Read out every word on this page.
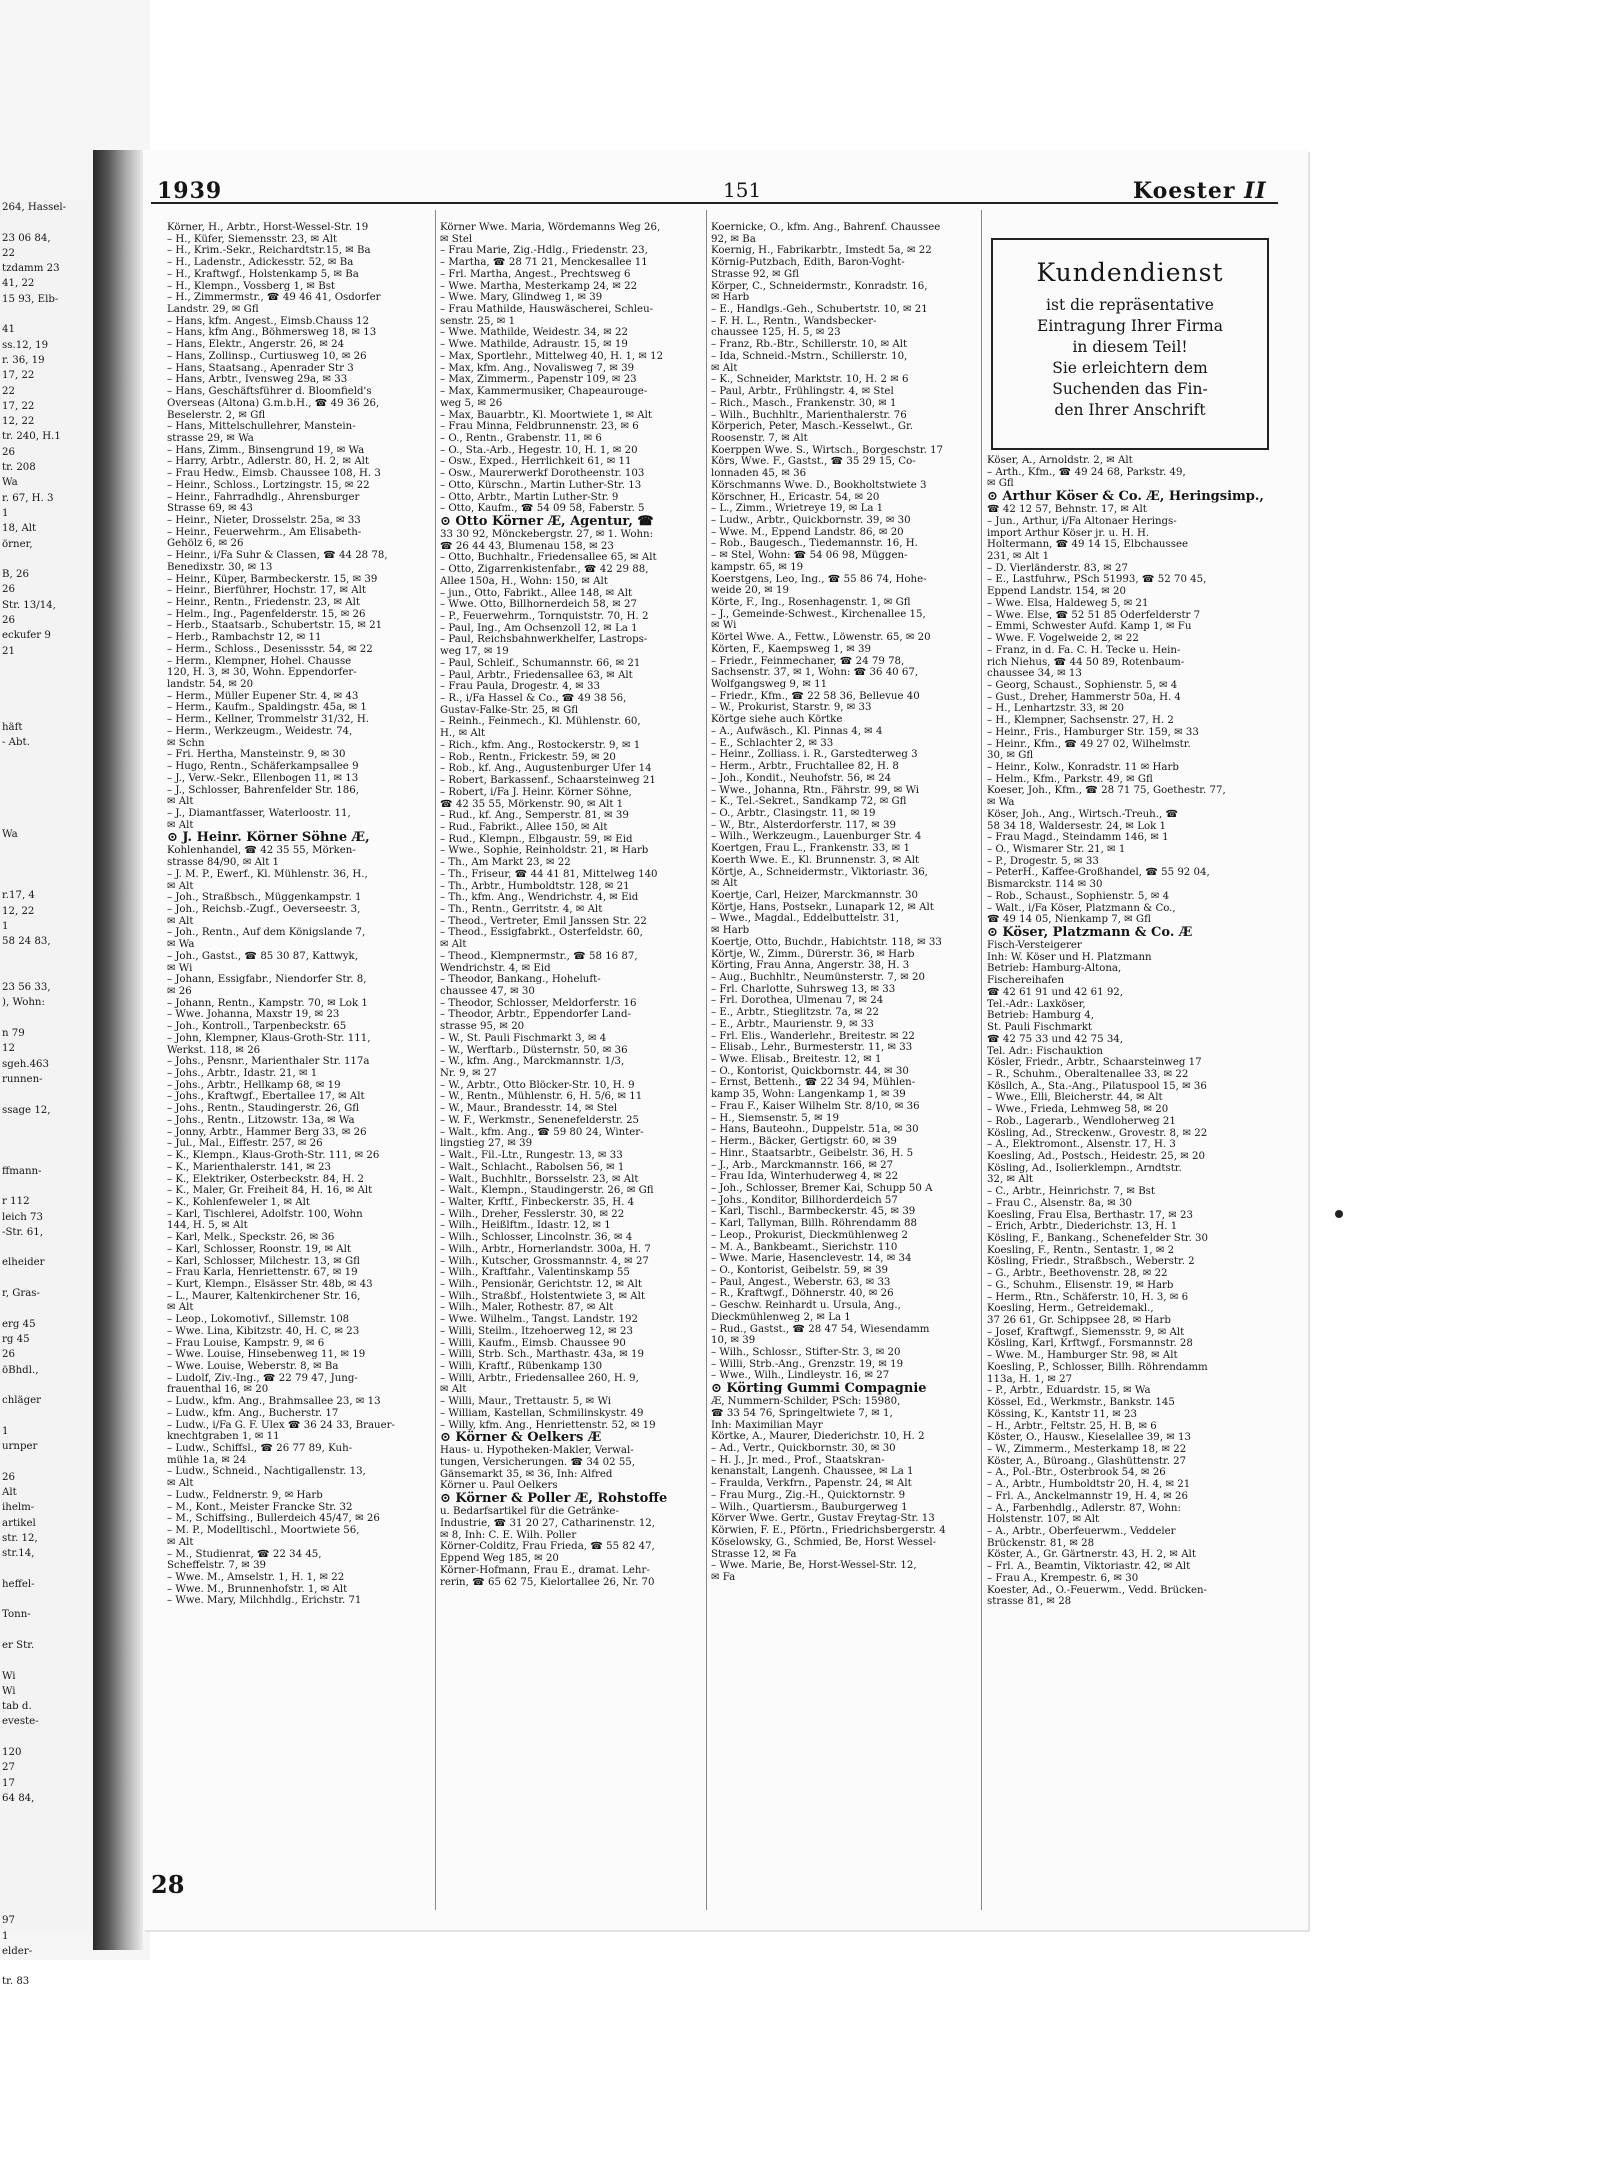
264, Hassel-

23 06 84,
22
tzdamm 23
41, 22
15 93, Elb-

41
ss.12, 19
r. 36, 19
17, 22
22
17, 22
12, 22
tr. 240, H.1
26
tr. 208
Wa
r. 67, H. 3
1
18, Alt
örner,

B, 26
26
Str. 13/14,
26
eckufer 9
21

häft
- Abt.

Wa

r.17, 4
12, 22
1
58 24 83,

23 56 33,
), Wohn:

n 79
12
sgeh.463
runnen-

ssage 12,

ffmann-

r 112
leich 73
-Str. 61,

elheider

r, Gras-

erg 45
rg 45
26
öBhdl.,

chläger

1
urnper

26
Alt
ihelm-
artikel
str. 12,
str.14,

heffel-

Tonn-

er Str.

Wi
Wi
tab d.
eveste-

120
27
17
64 84,

97
1
elder-

tr. 83
1939	151	Koester II
Körner, H., Arbtr., Horst-Wessel-Str. 19
– H., Küfer, Siemensstr. 23, ✉ Alt
– H., Krim.-Sekr., Reichardtstr.15, ✉ Ba
– H., Ladenstr., Adickesstr. 52, ✉ Ba
– H., Kraftwgf., Holstenkamp 5, ✉ Ba
– H., Klempn., Vossberg 1, ✉ Bst
– H., Zimmermstr., ☎ 49 46 41, Osdorfer
Landstr. 29, ✉ Gfl
– Hans, kfm. Angest., Eimsb.Chauss 12
– Hans, kfm Ang., Böhmersweg 18, ✉ 13
– Hans, Elektr., Angerstr. 26, ✉ 24
– Hans, Zollinsp., Curtiusweg 10, ✉ 26
– Hans, Staatsang., Apenrader Str 3
– Hans, Arbtr., Ivensweg 29a, ✉ 33
– Hans, Geschäftsführer d. Bloomfield's
Overseas (Altona) G.m.b.H., ☎ 49 36 26,
Beselerstr. 2, ✉ Gfl
– Hans, Mittelschullehrer, Manstein-
strasse 29, ✉ Wa
– Hans, Zimm., Binsengrund 19, ✉ Wa
– Harry, Arbtr., Adlerstr. 80, H. 2, ✉ Alt
– Frau Hedw., Eimsb. Chaussee 108, H. 3
– Heinr., Schloss., Lortzingstr. 15, ✉ 22
– Heinr., Fahrradhdlg., Ahrensburger
Strasse 69, ✉ 43
– Heinr., Nieter, Drosselstr. 25a, ✉ 33
– Heinr., Feuerwehrm., Am Elisabeth-
Gehölz 6, ✉ 26
– Heinr., i/Fa Suhr & Classen, ☎ 44 28 78,
Benedixstr. 30, ✉ 13
– Heinr., Küper, Barmbeckerstr. 15, ✉ 39
– Heinr., Bierführer, Hochstr. 17, ✉ Alt
– Heinr., Rentn., Friedenstr. 23, ✉ Alt
– Helm., Ing., Pagenfelderstr. 15, ✉ 26
– Herb., Staatsarb., Schubertstr. 15, ✉ 21
– Herb., Rambachstr 12, ✉ 11
– Herm., Schloss., Desenissstr. 54, ✉ 22
– Herm., Klempner, Hohel. Chausse
120, H. 3, ✉ 30, Wohn. Eppendorfer-
landstr. 54, ✉ 20
– Herm., Müller Eupener Str. 4, ✉ 43
– Herm., Kaufm., Spaldingstr. 45a, ✉ 1
– Herm., Kellner, Trommelstr 31/32, H.
– Herm., Werkzeugm., Weidestr. 74,
✉ Schn
– Fri. Hertha, Mansteinstr. 9, ✉ 30
– Hugo, Rentn., Schäferkampsallee 9
– J., Verw.-Sekr., Ellenbogen 11, ✉ 13
– J., Schlosser, Bahrenfelder Str. 186,
✉ Alt
– J., Diamantfasser, Waterloostr. 11,
✉ Alt
⊙ J. Heinr. Körner Söhne Æ,
Kohlenhandel, ☎ 42 35 55, Mörken-
strasse 84/90, ✉ Alt 1
– J. M. P., Ewerf., Kl. Mühlenstr. 36, H.,
✉ Alt
– Joh., Straßbsch., Müggenkampstr. 1
– Joh., Reichsb.-Zugf., Oeverseestr. 3,
✉ Alt
– Joh., Rentn., Auf dem Königslande 7,
✉ Wa
– Joh., Gastst., ☎ 85 30 87, Kattwyk,
✉ Wi
– Johann, Essigfabr., Niendorfer Str. 8,
✉ 26
– Johann, Rentn., Kampstr. 70, ✉ Lok 1
– Wwe. Johanna, Maxstr 19, ✉ 23
– Joh., Kontroll., Tarpenbeckstr. 65
– John, Klempner, Klaus-Groth-Str. 111,
Werkst. 118, ✉ 26
– Johs., Pensnr., Marienthaler Str. 117a
– Johs., Arbtr., Idastr. 21, ✉ 1
– Johs., Arbtr., Hellkamp 68, ✉ 19
– Johs., Kraftwgf., Ebertallee 17, ✉ Alt
– Johs., Rentn., Staudingerstr. 26, Gfl
– Johs., Rentn., Litzowstr. 13a, ✉ Wa
– Jonny, Arbtr., Hammer Berg 33, ✉ 26
– Jul., Mal., Eiffestr. 257, ✉ 26
– K., Klempn., Klaus-Groth-Str. 111, ✉ 26
– K., Marienthalerstr. 141, ✉ 23
– K., Elektriker, Osterbeckstr. 84, H. 2
– K., Maler, Gr. Freiheit 84, H. 16, ✉ Alt
– K., Kohlenfeweler 1, ✉ Alt
– Karl, Tischlerei, Adolfstr. 100, Wohn
144, H. 5, ✉ Alt
– Karl, Melk., Speckstr. 26, ✉ 36
– Karl, Schlosser, Roonstr. 19, ✉ Alt
– Karl, Schlosser, Milchestr. 13, ✉ Gfl
– Frau Karla, Henriettenstr. 67, ✉ 19
– Kurt, Klempn., Elsässer Str. 48b, ✉ 43
– L., Maurer, Kaltenkirchener Str. 16,
✉ Alt
– Leop., Lokomotivf., Sillemstr. 108
– Wwe. Lina, Kibitzstr. 40, H. C, ✉ 23
– Frau Louise, Kampstr. 9, ✉ 6
– Wwe. Louise, Hinsebenweg 11, ✉ 19
– Wwe. Louise, Weberstr. 8, ✉ Ba
– Ludolf, Ziv.-Ing., ☎ 22 79 47, Jung-
frauenthal 16, ✉ 20
– Ludw., kfm. Ang., Brahmsallee 23, ✉ 13
– Ludw., kfm. Ang., Bucherstr. 17
– Ludw., i/Fa G. F. Ulex ☎ 36 24 33, Brauer-
knechtgraben 1, ✉ 11
– Ludw., Schiffsl., ☎ 26 77 89, Kuh-
mühle 1a, ✉ 24
– Ludw., Schneid., Nachtigallenstr. 13,
✉ Alt
– Ludw., Feldnerstr. 9, ✉ Harb
– M., Kont., Meister Francke Str. 32
– M., Schiffsing., Bullerdeich 45/47, ✉ 26
– M. P., Modelltischl., Moortwiete 56,
✉ Alt
– M., Studienrat, ☎ 22 34 45,
Scheffelstr. 7, ✉ 39
– Wwe. M., Amselstr. 1, H. 1, ✉ 22
– Wwe. M., Brunnenhofstr. 1, ✉ Alt
– Wwe. Mary, Milchhdlg., Erichstr. 71
Körner Wwe. Maria, Wördemanns Weg 26,
✉ Stel
– Frau Marie, Zig.-Hdlg., Friedenstr. 23,
– Martha, ☎ 28 71 21, Menckesallee 11
– Frl. Martha, Angest., Prechtsweg 6
– Wwe. Martha, Mesterkamp 24, ✉ 22
– Wwe. Mary, Glindweg 1, ✉ 39
– Frau Mathilde, Hauswäscherei, Schleu-
senstr. 25, ✉ 1
– Wwe. Mathilde, Weidestr. 34, ✉ 22
– Wwe. Mathilde, Adraustr. 15, ✉ 19
– Max, Sportlehr., Mittelweg 40, H. 1, ✉ 12
– Max, kfm. Ang., Novalisweg 7, ✉ 39
– Max, Zimmerm., Papenstr 109, ✉ 23
– Max, Kammermusiker, Chapeaurouge-
weg 5, ✉ 26
– Max, Bauarbtr., Kl. Moortwiete 1, ✉ Alt
– Frau Minna, Feldbrunnenstr. 23, ✉ 6
– O., Rentn., Grabenstr. 11, ✉ 6
– O., Sta.-Arb., Hegestr. 10, H. 1, ✉ 20
– Osw., Exped., Herrlichkeit 61, ✉ 11
– Osw., Maurerwerkf Dorotheenstr. 103
– Otto, Kürschn., Martin Luther-Str. 13
– Otto, Arbtr., Martin Luther-Str. 9
– Otto, Kaufm., ☎ 54 09 58, Faberstr. 5
⊙ Otto Körner Æ, Agentur, ☎
33 30 92, Mönckebergstr. 27, ✉ 1. Wohn:
☎ 26 44 43, Blumenau 158, ✉ 23
– Otto, Buchhaltr., Friedensallee 65, ✉ Alt
– Otto, Zigarrenkistenfabr., ☎ 42 29 88,
Allee 150a, H., Wohn: 150, ✉ Alt
– jun., Otto, Fabrikt., Allee 148, ✉ Alt
– Wwe. Otto, Billhornerdeich 58, ✉ 27
– P., Feuerwehrm., Tornquiststr. 70, H. 2
– Paul, Ing., Am Ochsenzoll 12, ✉ La 1
– Paul, Reichsbahnwerkhelfer, Lastrops-
weg 17, ✉ 19
– Paul, Schleif., Schumannstr. 66, ✉ 21
– Paul, Arbtr., Friedensallee 63, ✉ Alt
– Frau Paula, Drogestr. 4, ✉ 33
– R., i/Fa Hassel & Co., ☎ 49 38 56,
Gustav-Falke-Str. 25, ✉ Gfl
– Reinh., Feinmech., Kl. Mühlenstr. 60,
H., ✉ Alt
– Rich., kfm. Ang., Rostockerstr. 9, ✉ 1
– Rob., Rentn., Frickestr. 59, ✉ 20
– Rob., kf. Ang., Augustenburger Ufer 14
– Robert, Barkassenf., Schaarsteinweg 21
– Robert, i/Fa J. Heinr. Körner Söhne,
☎ 42 35 55, Mörkenstr. 90, ✉ Alt 1
– Rud., kf. Ang., Semperstr. 81, ✉ 39
– Rud., Fabrikt., Allee 150, ✉ Alt
– Rud., Klempn., Elbgaustr. 59, ✉ Eid
– Wwe., Sophie, Reinholdstr. 21, ✉ Harb
– Th., Am Markt 23, ✉ 22
– Th., Friseur, ☎ 44 41 81, Mittelweg 140
– Th., Arbtr., Humboldtstr. 128, ✉ 21
– Th., kfm. Ang., Wendrichstr. 4, ✉ Eid
– Th., Rentn., Gerritstr. 4, ✉ Alt
– Theod., Vertreter, Emil Janssen Str. 22
– Theod., Essigfabrkt., Osterfeldstr. 60,
✉ Alt
– Theod., Klempnermstr., ☎ 58 16 87,
Wendrichstr. 4, ✉ Eid
– Theodor, Bankang., Hoheluft-
chaussee 47, ✉ 30
– Theodor, Schlosser, Meldorferstr. 16
– Theodor, Arbtr., Eppendorfer Land-
strasse 95, ✉ 20
– W., St. Pauli Fischmarkt 3, ✉ 4
– W., Werftarb., Düsternstr. 50, ✉ 36
– W., kfm. Ang., Marckmannstr. 1/3,
Nr. 9, ✉ 27
– W., Arbtr., Otto Blöcker-Str. 10, H. 9
– W., Rentn., Mühlenstr. 6, H. 5/6, ✉ 11
– W., Maur., Brandesstr. 14, ✉ Stel
– W. F., Werkmstr., Senenefelderstr. 25
– Walt., kfm. Ang., ☎ 59 80 24, Winter-
lingstieg 27, ✉ 39
– Walt., Fil.-Ltr., Rungestr. 13, ✉ 33
– Walt., Schlacht., Rabolsen 56, ✉ 1
– Walt., Buchhltr., Borsselstr. 23, ✉ Alt
– Walt., Klempn., Staudingerstr. 26, ✉ Gfl
– Walter, Krftf., Finbeckerstr. 35, H. 4
– Wilh., Dreher, Fesslerstr. 30, ✉ 22
– Wilh., Heißlftm., Idastr. 12, ✉ 1
– Wilh., Schlosser, Lincolnstr. 36, ✉ 4
– Wilh., Arbtr., Hornerlandstr. 300a, H. 7
– Wilh., Kutscher, Grossmannstr. 4, ✉ 27
– Wilh., Kraftfahr., Valentinskamp 55
– Wilh., Pensionär, Gerichtstr. 12, ✉ Alt
– Wilh., Straßbf., Holstentwiete 3, ✉ Alt
– Wilh., Maler, Rothestr. 87, ✉ Alt
– Wwe. Wilhelm., Tangst. Landstr. 192
– Willi, Steilm., Itzehoerweg 12, ✉ 23
– Willi, Kaufm., Eimsb. Chaussee 90
– Willi, Strb. Sch., Marthastr. 43a, ✉ 19
– Willi, Kraftf., Rübenkamp 130
– Willi, Arbtr., Friedensallee 260, H. 9,
✉ Alt
– Willi, Maur., Trettaustr. 5, ✉ Wi
– William, Kastellan, Schmilinskystr. 49
– Willy, kfm. Ang., Henriettenstr. 52, ✉ 19
⊙ Körner & Oelkers Æ
Haus- u. Hypotheken-Makler, Verwal-
tungen, Versicherungen. ☎ 34 02 55,
Gänsemarkt 35, ✉ 36, Inh: Alfred
Körner u. Paul Oelkers
⊙ Körner & Poller Æ, Rohstoffe
u. Bedarfsartikel für die Getränke-
Industrie, ☎ 31 20 27, Catharinenstr. 12,
✉ 8, Inh: C. E. Wilh. Poller
Körner-Colditz, Frau Frieda, ☎ 55 82 47,
Eppend Weg 185, ✉ 20
Körner-Hofmann, Frau E., dramat. Lehr-
rerin, ☎ 65 62 75, Kielortallee 26, Nr. 70
Koernicke, O., kfm. Ang., Bahrenf. Chaussee
92, ✉ Ba
Koernig, H., Fabrikarbtr., Imstedt 5a, ✉ 22
Körnig-Putzbach, Edith, Baron-Voght-
Strasse 92, ✉ Gfl
Körper, C., Schneidermstr., Konradstr. 16,
✉ Harb
– E., Handlgs.-Geh., Schubertstr. 10, ✉ 21
– F. H. L., Rentn., Wandsbecker-
chaussee 125, H. 5, ✉ 23
– Franz, Rb.-Btr., Schillerstr. 10, ✉ Alt
– Ida, Schneid.-Mstrn., Schillerstr. 10,
✉ Alt
– K., Schneider, Marktstr. 10, H. 2 ✉ 6
– Paul, Arbtr., Frühlingstr. 4, ✉ Stel
– Rich., Masch., Frankenstr. 30, ✉ 1
– Wilh., Buchhltr., Marienthalerstr. 76
Körperich, Peter, Masch.-Kesselwt., Gr.
Roosenstr. 7, ✉ Alt
Koerppen Wwe. S., Wirtsch., Borgeschstr. 17
Körs, Wwe. F., Gastst., ☎ 35 29 15, Co-
lonnaden 45, ✉ 36
Körschmanns Wwe. D., Bookholtstwiete 3
Körschner, H., Ericastr. 54, ✉ 20
– L., Zimm., Wrietreye 19, ✉ La 1
– Ludw., Arbtr., Quickbornstr. 39, ✉ 30
– Wwe. M., Eppend Landstr. 86, ✉ 20
– Rob., Baugesch., Tiedemannstr. 16, H.
– ✉ Stel, Wohn: ☎ 54 06 98, Müggen-
kampstr. 65, ✉ 19
Koerstgens, Leo, Ing., ☎ 55 86 74, Hohe-
weide 20, ✉ 19
Körte, F., Ing., Rosenhagenstr. 1, ✉ Gfl
– J., Gemeinde-Schwest., Kirchenallee 15,
✉ Wi
Körtel Wwe. A., Fettw., Löwenstr. 65, ✉ 20
Körten, F., Kaempsweg 1, ✉ 39
– Friedr., Feinmechaner, ☎ 24 79 78,
Sachsenstr. 37, ✉ 1, Wohn: ☎ 36 40 67,
Wolfgangsweg 9, ✉ 11
– Friedr., Kfm., ☎ 22 58 36, Bellevue 40
– W., Prokurist, Starstr. 9, ✉ 33
Körtge siehe auch Körtke
– A., Aufwäsch., Kl. Pinnas 4, ✉ 4
– E., Schlachter 2, ✉ 33
– Heinr., Zolliass. i. R., Garstedterweg 3
– Herm., Arbtr., Fruchtallee 82, H. 8
– Joh., Kondit., Neuhofstr. 56, ✉ 24
– Wwe., Johanna, Rtn., Fährstr. 99, ✉ Wi
– K., Tel.-Sekret., Sandkamp 72, ✉ Gfl
– O., Arbtr., Clasingstr. 11, ✉ 19
– W., Btr., Alsterdorferstr. 117, ✉ 39
– Wilh., Werkzeugm., Lauenburger Str. 4
Koertgen, Frau L., Frankenstr. 33, ✉ 1
Koerth Wwe. E., Kl. Brunnenstr. 3, ✉ Alt
Körtje, A., Schneidermstr., Viktoriastr. 36,
✉ Alt
Koertje, Carl, Heizer, Marckmannstr. 30
Körtje, Hans, Postsekr., Lunapark 12, ✉ Alt
– Wwe., Magdal., Eddelbuttelstr. 31,
✉ Harb
Koertje, Otto, Buchdr., Habichtstr. 118, ✉ 33
Körtje, W., Zimm., Dürerstr. 36, ✉ Harb
Körting, Frau Anna, Angerstr. 38, H. 3
– Aug., Buchhltr., Neumünsterstr. 7, ✉ 20
– Frl. Charlotte, Suhrsweg 13, ✉ 33
– Frl. Dorothea, Ulmenau 7, ✉ 24
– E., Arbtr., Stieglitzstr. 7a, ✉ 22
– E., Arbtr., Maurienstr. 9, ✉ 33
– Frl. Elis., Wanderlehr., Breitestr. ✉ 22
– Elisab., Lehr., Burmesterstr. 11, ✉ 33
– Wwe. Elisab., Breitestr. 12, ✉ 1
– O., Kontorist, Quickbornstr. 44, ✉ 30
– Ernst, Bettenh., ☎ 22 34 94, Mühlen-
kamp 35, Wohn: Langenkamp 1, ✉ 39
– Frau F., Kaiser Wilhelm Str. 8/10, ✉ 36
– H., Siemsenstr. 5, ✉ 19
– Hans, Bauteohn., Duppelstr. 51a, ✉ 30
– Herm., Bäcker, Gertigstr. 60, ✉ 39
– Hinr., Staatsarbtr., Geibelstr. 36, H. 5
– J., Arb., Marckmannstr. 166, ✉ 27
– Frau Ida, Winterhuderweg 4, ✉ 22
– Joh., Schlosser, Bremer Kai, Schupp 50 A
– Johs., Konditor, Billhorderdeich 57
– Karl, Tischl., Barmbeckerstr. 45, ✉ 39
– Karl, Tallyman, Billh. Röhrendamm 88
– Leop., Prokurist, Dieckmühlenweg 2
– M. A., Bankbeamt., Sierichstr. 110
– Wwe. Marie, Hasenclevestr. 14, ✉ 34
– O., Kontorist, Geibelstr. 59, ✉ 39
– Paul, Angest., Weberstr. 63, ✉ 33
– R., Kraftwgf., Döhnerstr. 40, ✉ 26
– Geschw. Reinhardt u. Ursula, Ang.,
Dieckmühlenweg 2, ✉ La 1
– Rud., Gastst., ☎ 28 47 54, Wiesendamm
10, ✉ 39
– Wilh., Schlossr., Stifter-Str. 3, ✉ 20
– Willi, Strb.-Ang., Grenzstr. 19, ✉ 19
– Wwe., Wilh., Lindleystr. 16, ✉ 27
⊙ Körting Gummi Compagnie
Æ, Nummern-Schilder, PSch: 15980,
☎ 33 54 76, Springeltwiete 7, ✉ 1,
Inh: Maximilian Mayr
Körtke, A., Maurer, Diederichstr. 10, H. 2
– Ad., Vertr., Quickbornstr. 30, ✉ 30
– H. J., Jr. med., Prof., Staatskran-
kenanstalt, Langenh. Chaussee, ✉ La 1
– Fraulda, Verkfrn., Papenstr. 24, ✉ Alt
– Frau Murg., Zig.-H., Quicktornstr. 9
– Wilh., Quartiersm., Bauburgerweg 1
Körver Wwe. Gertr., Gustav Freytag-Str. 13
Körwien, F. E., Pförtn., Friedrichsbergerstr. 4
Köselowsky, G., Schmied, Be, Horst Wessel-
Strasse 12, ✉ Fa
– Wwe. Marie, Be, Horst-Wessel-Str. 12,
✉ Fa
Kundendienst
ist die repräsentative
Eintragung Ihrer Firma
in diesem Teil!
Sie erleichtern dem
Suchenden das Fin-
den Ihrer Anschrift
Köser, A., Arnoldstr. 2, ✉ Alt
– Arth., Kfm., ☎ 49 24 68, Parkstr. 49,
✉ Gfl
⊙ Arthur Köser & Co. Æ, Heringsimp.,
☎ 42 12 57, Behnstr. 17, ✉ Alt
– Jun., Arthur, i/Fa Altonaer Herings-
import Arthur Köser jr. u. H. H.
Holtermann, ☎ 49 14 15, Elbchaussee
231, ✉ Alt 1
– D. Vierländerstr. 83, ✉ 27
– E., Lastfuhrw., PSch 51993, ☎ 52 70 45,
Eppend Landstr. 154, ✉ 20
– Wwe. Elsa, Haldeweg 5, ✉ 21
– Wwe. Else, ☎ 52 51 85 Oderfelderstr 7
– Emmi, Schwester Aufd. Kamp 1, ✉ Fu
– Wwe. F. Vogelweide 2, ✉ 22
– Franz, in d. Fa. C. H. Tecke u. Hein-
rich Niehus, ☎ 44 50 89, Rotenbaum-
chaussee 34, ✉ 13
– Georg, Schaust., Sophienstr. 5, ✉ 4
– Gust., Dreher, Hammerstr 50a, H. 4
– H., Lenhartzstr. 33, ✉ 20
– H., Klempner, Sachsenstr. 27, H. 2
– Heinr., Fris., Hamburger Str. 159, ✉ 33
– Heinr., Kfm., ☎ 49 27 02, Wilhelmstr.
30, ✉ Gfl
– Heinr., Kolw., Konradstr. 11 ✉ Harb
– Helm., Kfm., Parkstr. 49, ✉ Gfl
Koeser, Joh., Kfm., ☎ 28 71 75, Goethestr. 77,
✉ Wa
Köser, Joh., Ang., Wirtsch.-Treuh., ☎
58 34 18, Waldersestr. 24, ✉ Lok 1
– Frau Magd., Steindamm 146, ✉ 1
– O., Wismarer Str. 21, ✉ 1
– P., Drogestr. 5, ✉ 33
– PeterH., Kaffee-Großhandel, ☎ 55 92 04,
Bismarckstr. 114 ✉ 30
– Rob., Schaust., Sophienstr. 5, ✉ 4
– Walt., i/Fa Köser, Platzmann & Co.,
☎ 49 14 05, Nienkamp 7, ✉ Gfl
⊙ Köser, Platzmann & Co. Æ
Fisch-Versteigerer
Inh: W. Köser und H. Platzmann
Betrieb: Hamburg-Altona,
Fischereihafen
☎ 42 61 91 und 42 61 92,
Tel.-Adr.: Laxköser,
Betrieb: Hamburg 4,
St. Pauli Fischmarkt
☎ 42 75 33 und 42 75 34,
Tel. Adr.: Fischauktion
Kösler, Friedr., Arbtr., Schaarsteinweg 17
– R., Schuhm., Oberaltenallee 33, ✉ 22
Kösllch, A., Sta.-Ang., Pilatuspool 15, ✉ 36
– Wwe., Elli, Bleicherstr. 44, ✉ Alt
– Wwe., Frieda, Lehmweg 58, ✉ 20
– Rob., Lagerarb., Wendloherweg 21
Kösling, Ad., Streckenw., Grovestr. 8, ✉ 22
– A., Elektromont., Alsenstr. 17, H. 3
Koesling, Ad., Postsch., Heidestr. 25, ✉ 20
Kösling, Ad., Isolierklempn., Arndtstr.
32, ✉ Alt
– C., Arbtr., Heinrichstr. 7, ✉ Bst
– Frau C., Alsenstr. 8a, ✉ 30
Koesling, Frau Elsa, Berthastr. 17, ✉ 23
– Erich, Arbtr., Diederichstr. 13, H. 1
Kösling, F., Bankang., Schenefelder Str. 30
Koesling, F., Rentn., Sentastr. 1, ✉ 2
Kösling, Friedr., Straßbsch., Weberstr. 2
– G., Arbtr., Beethovenstr. 28, ✉ 22
– G., Schuhm., Elisenstr. 19, ✉ Harb
– Herm., Rtn., Schäferstr. 10, H. 3, ✉ 6
Koesling, Herm., Getreidemakl.,
37 26 61, Gr. Schippsee 28, ✉ Harb
– Josef, Kraftwgf., Siemensstr. 9, ✉ Alt
Kösling, Karl, Krftwgf., Forsmannstr. 28
– Wwe. M., Hamburger Str. 98, ✉ Alt
Koesling, P., Schlosser, Billh. Röhrendamm
113a, H. 1, ✉ 27
– P., Arbtr., Eduardstr. 15, ✉ Wa
Kössel, Ed., Werkmstr., Bankstr. 145
Kössing, K., Kantstr 11, ✉ 23
– H., Arbtr., Feltstr. 25, H. B, ✉ 6
Köster, O., Hausw., Kieselallee 39, ✉ 13
– W., Zimmerm., Mesterkamp 18, ✉ 22
Köster, A., Büroang., Glashüttenstr. 27
– A., Pol.-Btr., Osterbrook 54, ✉ 26
– A., Arbtr., Humboldtstr 20, H. 4, ✉ 21
– Frl. A., Anckelmannstr 19, H. 4, ✉ 26
– A., Farbenhdlg., Adlerstr. 87, Wohn:
Holstenstr. 107, ✉ Alt
– A., Arbtr., Oberfeuerwm., Veddeler
Brückenstr. 81, ✉ 28
Köster, A., Gr. Gärtnerstr. 43, H. 2, ✉ Alt
– Frl. A., Beamtin, Viktoriastr. 42, ✉ Alt
– Frau A., Krempestr. 6, ✉ 30
Koester, Ad., O.-Feuerwm., Vedd. Brücken-
strasse 81, ✉ 28
28
